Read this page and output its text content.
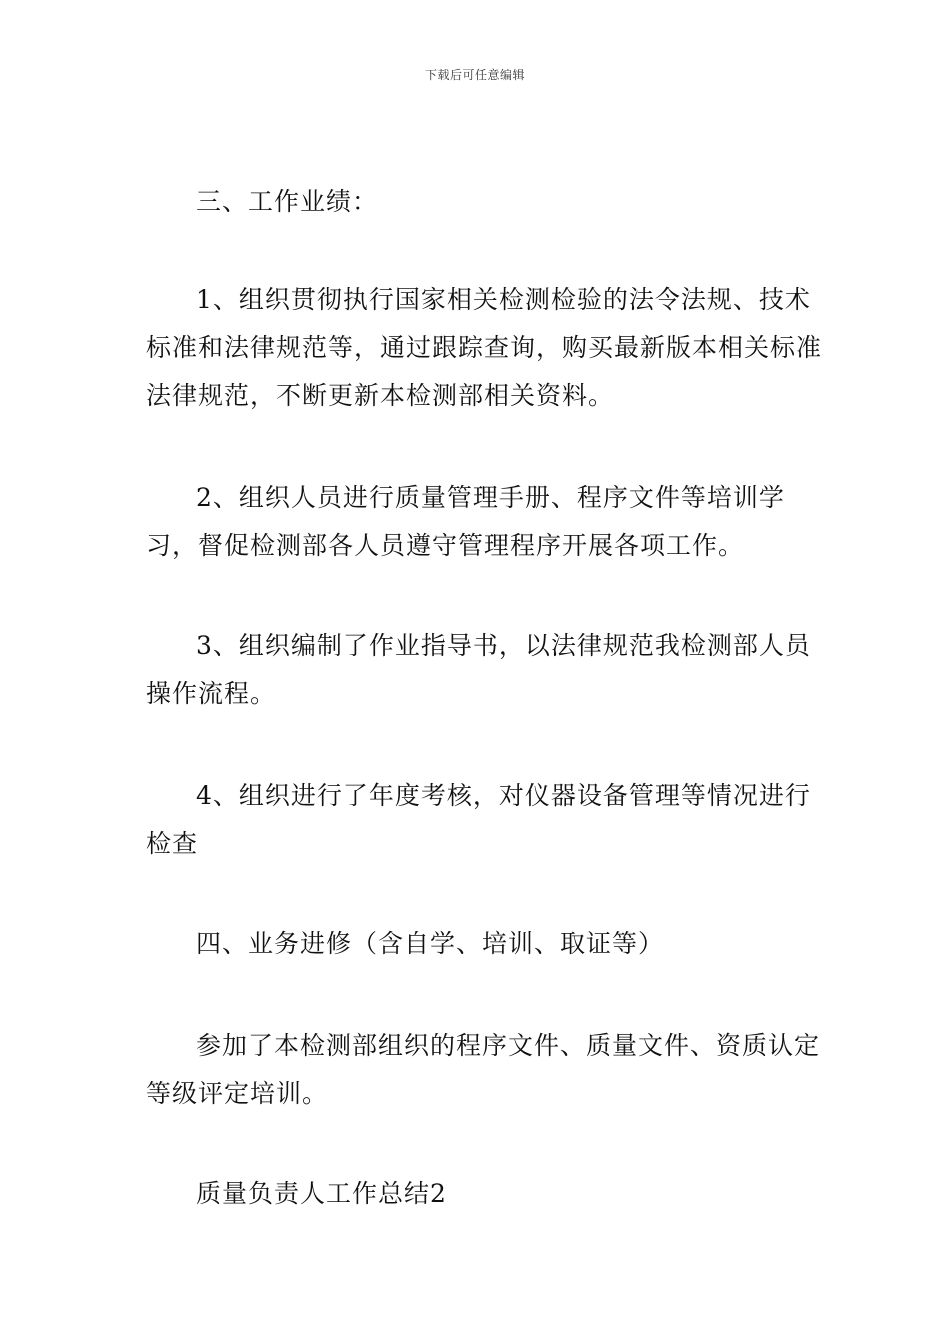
下载后可任意编辑

三、工作业绩：

1、组织贯彻执行国家相关检测检验的法令法规、技术标准和法律规范等，通过跟踪查询，购买最新版本相关标准法律规范，不断更新本检测部相关资料。

2、组织人员进行质量管理手册、程序文件等培训学习，督促检测部各人员遵守管理程序开展各项工作。

3、组织编制了作业指导书，以法律规范我检测部人员操作流程。

4、组织进行了年度考核，对仪器设备管理等情况进行检查

四、业务进修（含自学、培训、取证等）

参加了本检测部组织的程序文件、质量文件、资质认定等级评定培训。

质量负责人工作总结2
